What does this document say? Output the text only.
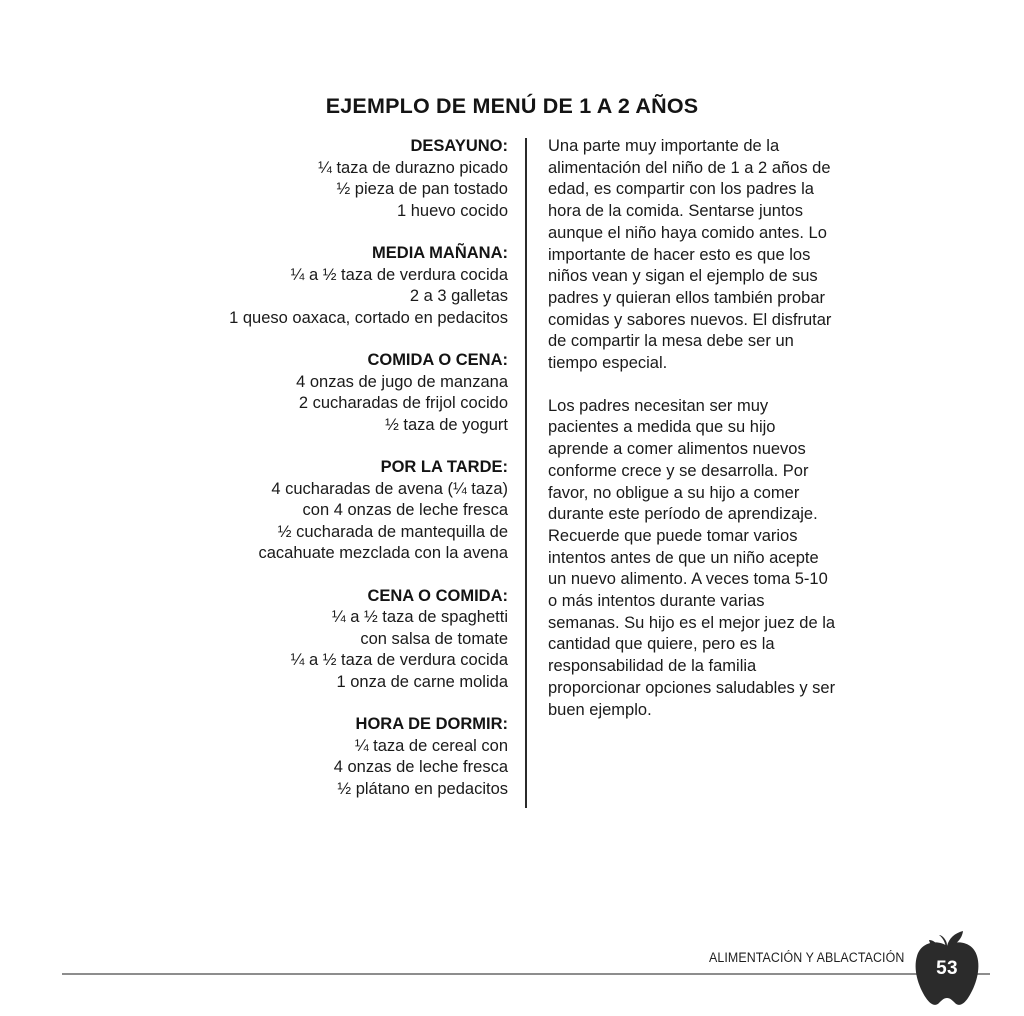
EJEMPLO DE MENÚ DE 1 A 2 AÑOS
DESAYUNO:
¼ taza de durazno picado
½ pieza de pan tostado
1 huevo cocido
MEDIA MAÑANA:
¼ a ½ taza de verdura cocida
2 a 3 galletas
1 queso oaxaca, cortado en pedacitos
COMIDA O CENA:
4 onzas de jugo de manzana
2 cucharadas de frijol cocido
½ taza de yogurt
POR LA TARDE:
4 cucharadas de avena (¼ taza)
con 4 onzas de leche fresca
½ cucharada de mantequilla de
cacahuate mezclada con la avena
CENA O COMIDA:
¼ a ½ taza de spaghetti
con salsa de tomate
¼ a ½ taza de verdura cocida
1 onza de carne molida
HORA DE DORMIR:
¼ taza de cereal con
4 onzas de leche fresca
½ plátano en pedacitos

Una parte muy importante de la alimentación del niño de 1 a 2 años de edad, es compartir con los padres la hora de la comida. Sentarse juntos aunque el niño haya comido antes. Lo importante de hacer esto es que los niños vean y sigan el ejemplo de sus padres y quieran ellos también probar comidas y sabores nuevos. El disfrutar de compartir la mesa debe ser un tiempo especial.

Los padres necesitan ser muy pacientes a medida que su hijo aprende a comer alimentos nuevos conforme crece y se desarrolla. Por favor, no obligue a su hijo a comer durante este período de aprendizaje. Recuerde que puede tomar varios intentos antes de que un niño acepte un nuevo alimento. A veces toma 5-10 o más intentos durante varias semanas. Su hijo es el mejor juez de la cantidad que quiere, pero es la responsabilidad de la familia proporcionar opciones saludables y ser buen ejemplo.

ALIMENTACIÓN Y ABLACTACIÓN
53
